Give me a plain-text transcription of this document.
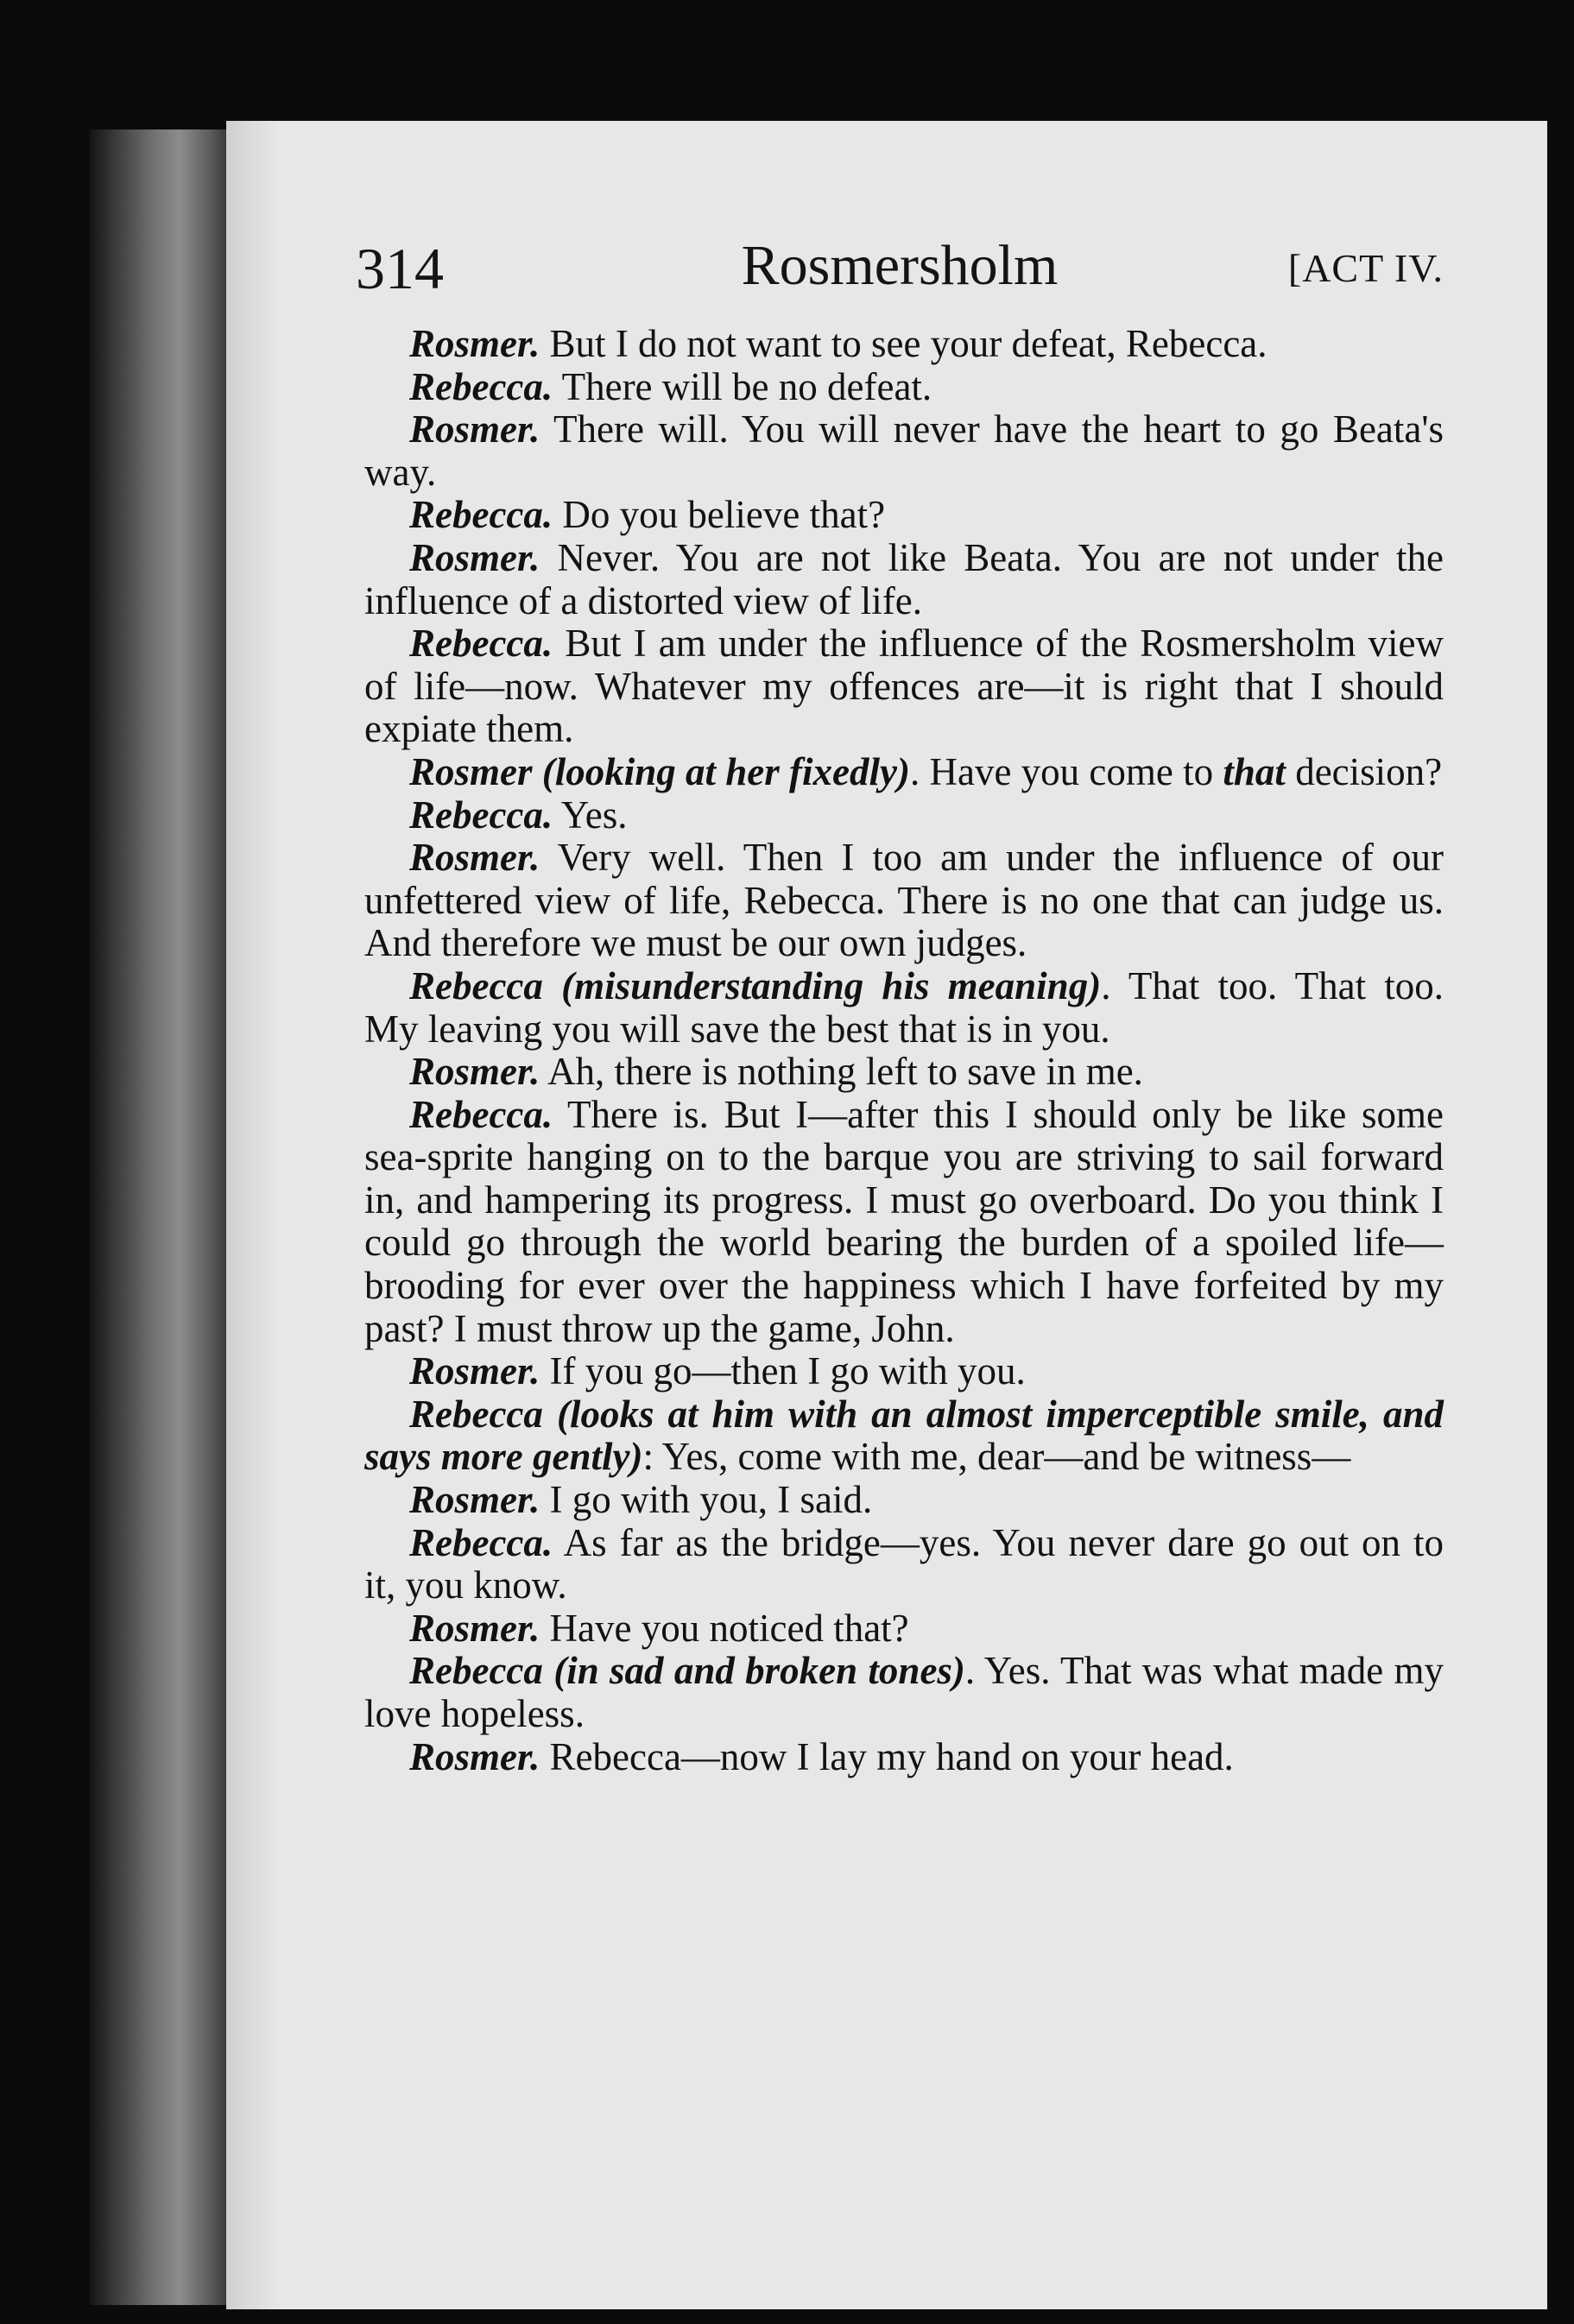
Rosmersholm
314	[ACT IV.

Rosmer. But I do not want to see your defeat, Rebecca.

Rebecca. There will be no defeat.

Rosmer. There will. You will never have the heart to go Beata's way.

Rebecca. Do you believe that?

Rosmer. Never. You are not like Beata. You are not under the influence of a distorted view of life.

Rebecca. But I am under the influence of the Rosmersholm view of life—now. Whatever my offences are—it is right that I should expiate them.

Rosmer (looking at her fixedly). Have you come to that decision?

Rebecca. Yes.

Rosmer. Very well. Then I too am under the influence of our unfettered view of life, Rebecca. There is no one that can judge us. And therefore we must be our own judges.

Rebecca (misunderstanding his meaning). That too. That too. My leaving you will save the best that is in you.

Rosmer. Ah, there is nothing left to save in me.

Rebecca. There is. But I—after this I should only be like some sea-sprite hanging on to the barque you are striving to sail forward in, and hampering its progress. I must go overboard. Do you think I could go through the world bearing the burden of a spoiled life—brooding for ever over the happiness which I have forfeited by my past? I must throw up the game, John.

Rosmer. If you go—then I go with you.

Rebecca (looks at him with an almost imperceptible smile, and says more gently): Yes, come with me, dear—and be witness—

Rosmer. I go with you, I said.

Rebecca. As far as the bridge—yes. You never dare go out on to it, you know.

Rosmer. Have you noticed that?

Rebecca (in sad and broken tones). Yes. That was what made my love hopeless.

Rosmer. Rebecca—now I lay my hand on your head.
